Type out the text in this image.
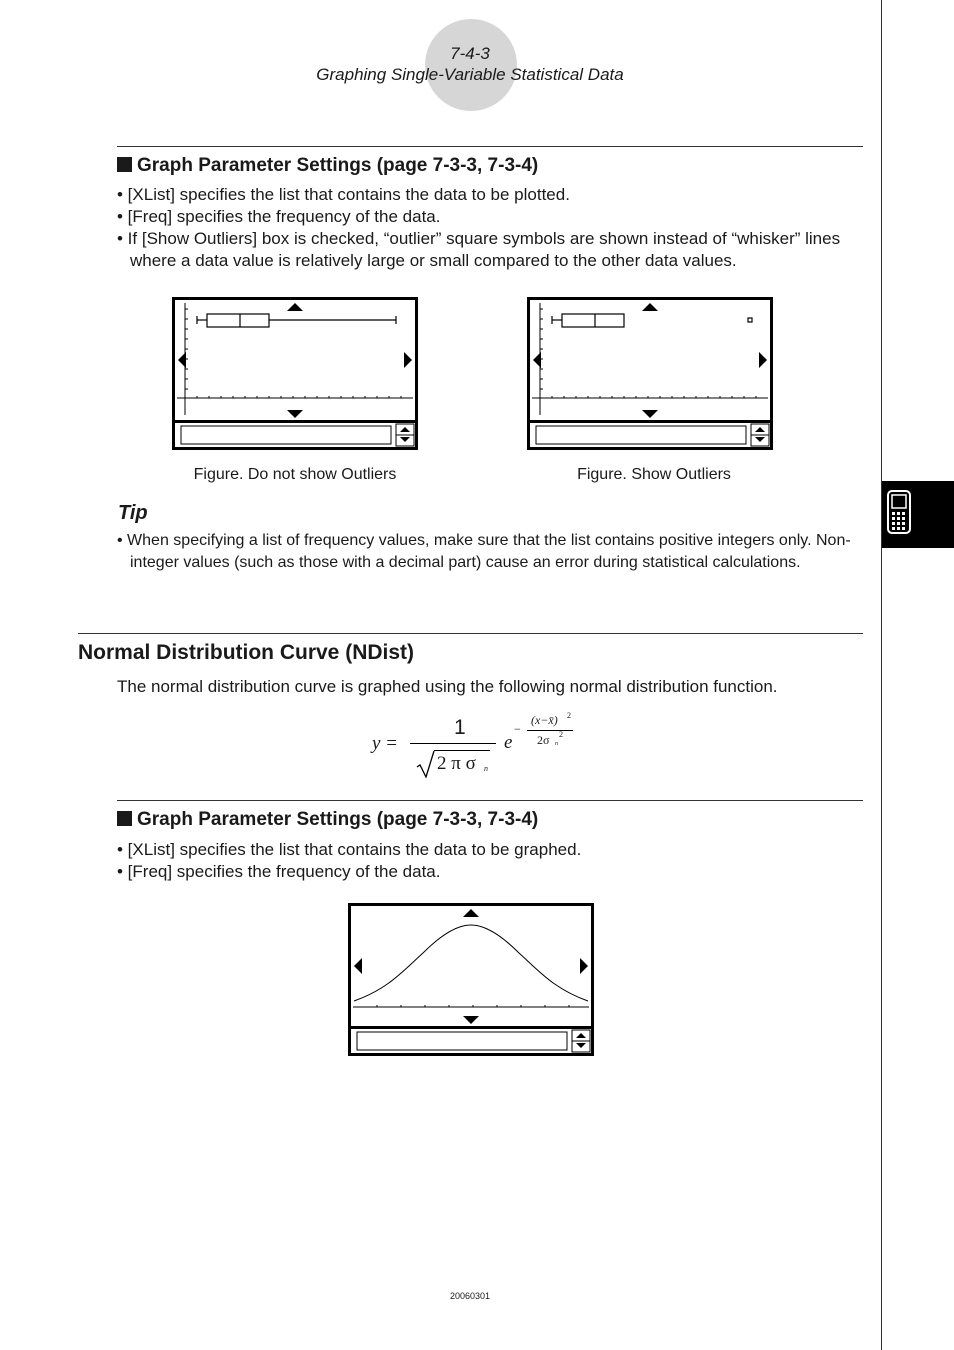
7-4-3
Graphing Single-Variable Statistical Data
Graph Parameter Settings (page 7-3-3, 7-3-4)
• [XList] specifies the list that contains the data to be plotted.
• [Freq] specifies the frequency of the data.
• If [Show Outliers] box is checked, “outlier” square symbols are shown instead of “whisker” lines where a data value is relatively large or small compared to the other data values.
Figure. Do not show Outliers	Figure. Show Outliers
Tip
• When specifying a list of frequency values, make sure that the list contains positive integers only. Non-integer values (such as those with a decimal part) cause an error during statistical calculations.
Normal Distribution Curve (NDist)
The normal distribution curve is graphed using the following normal distribution function.
y =
1
2 π σ n
e
−
(x−x̄) 2
2σ n
2
Graph Parameter Settings (page 7-3-3, 7-3-4)
• [XList] specifies the list that contains the data to be graphed.
• [Freq] specifies the frequency of the data.
20060301
